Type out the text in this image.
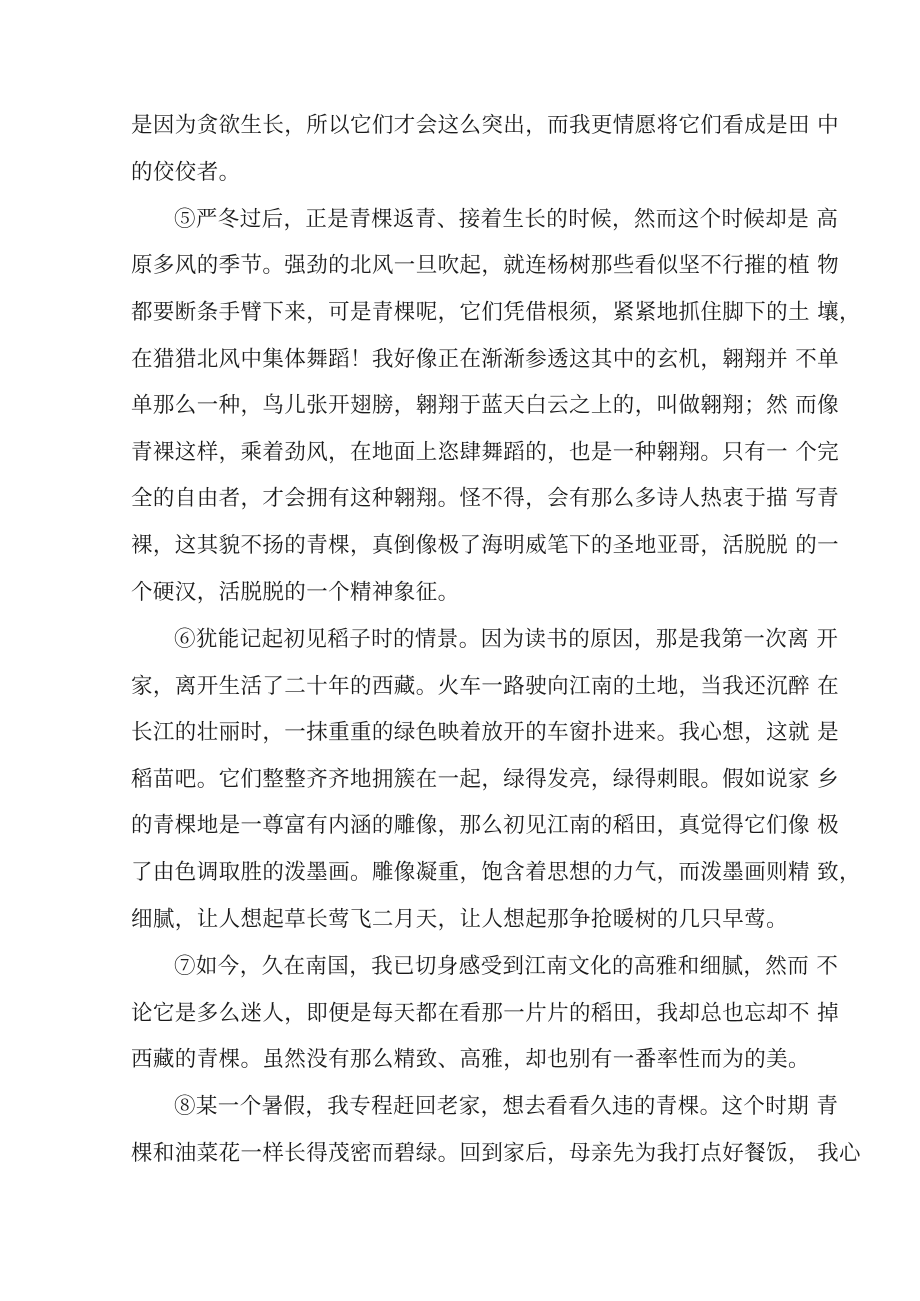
是因为贪欲生长，所以它们才会这么突出，而我更情愿将它们看成是田 中
的佼佼者。
⑤严冬过后，正是青棵返青、接着生长的时候，然而这个时候却是 高
原多风的季节。强劲的北风一旦吹起，就连杨树那些看似坚不行摧的植 物
都要断条手臂下来，可是青棵呢，它们凭借根须，紧紧地抓住脚下的土 壤，
在猎猎北风中集体舞蹈！我好像正在渐渐参透这其中的玄机，翱翔并 不单
单那么一种，鸟儿张开翅膀，翱翔于蓝天白云之上的，叫做翱翔；然 而像
青裸这样，乘着劲风，在地面上恣肆舞蹈的，也是一种翱翔。只有一 个完
全的自由者，才会拥有这种翱翔。怪不得，会有那么多诗人热衷于描 写青
裸，这其貌不扬的青棵，真倒像极了海明威笔下的圣地亚哥，活脱脱 的一
个硬汉，活脱脱的一个精神象征。
⑥犹能记起初见稻子时的情景。因为读书的原因，那是我第一次离 开
家，离开生活了二十年的西藏。火车一路驶向江南的土地，当我还沉醉 在
长江的壮丽时，一抹重重的绿色映着放开的车窗扑进来。我心想，这就 是
稻苗吧。它们整整齐齐地拥簇在一起，绿得发亮，绿得刺眼。假如说家 乡
的青棵地是一尊富有内涵的雕像，那么初见江南的稻田，真觉得它们像 极
了由色调取胜的泼墨画。雕像凝重，饱含着思想的力气，而泼墨画则精 致，
细腻，让人想起草长莺飞二月天，让人想起那争抢暖树的几只早莺。
⑦如今，久在南国，我已切身感受到江南文化的高雅和细腻，然而 不
论它是多么迷人，即便是每天都在看那一片片的稻田，我却总也忘却不 掉
西藏的青棵。虽然没有那么精致、高雅，却也别有一番率性而为的美。
⑧某一个暑假，我专程赶回老家，想去看看久违的青棵。这个时期 青
棵和油菜花一样长得茂密而碧绿。回到家后，母亲先为我打点好餐饭， 我心
